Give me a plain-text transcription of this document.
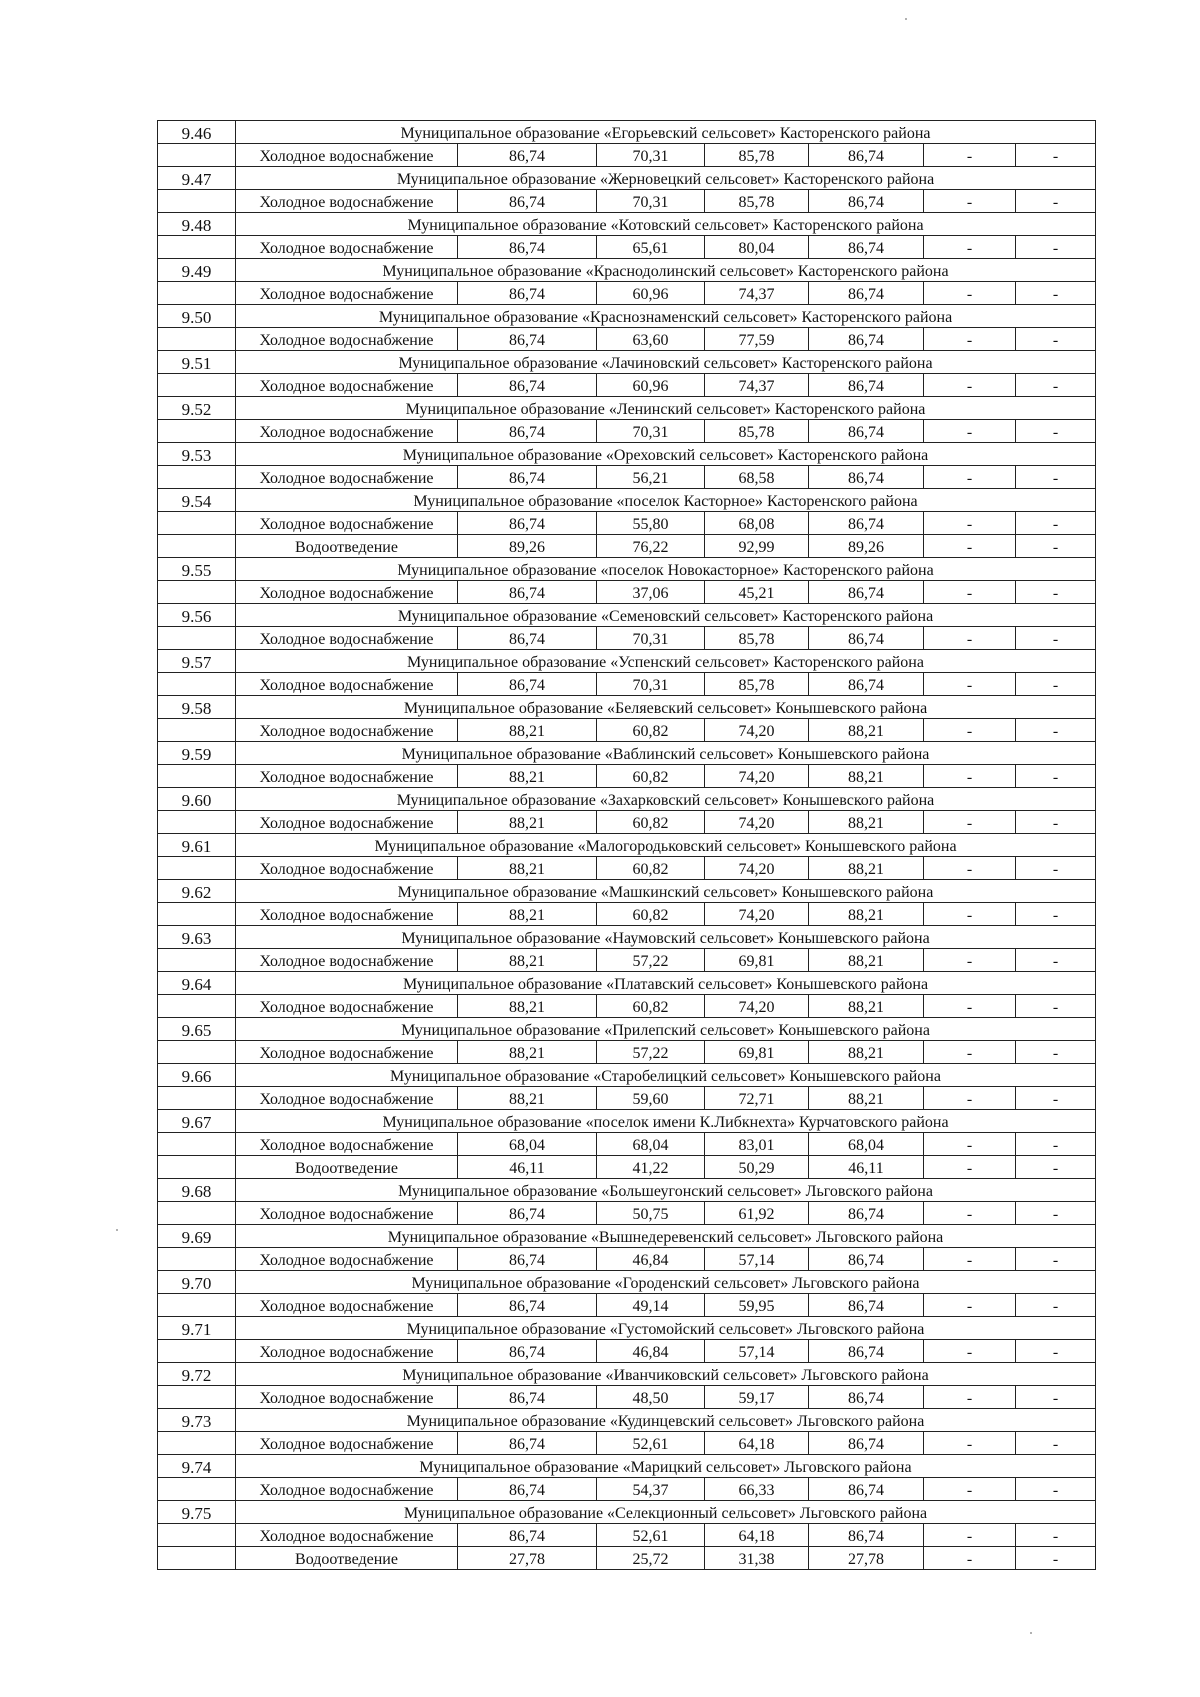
9.46	Муниципальное образование «Егорьевский сельсовет» Касторенского района						
	Холодное водоснабжение	86,74	70,31	85,78	86,74	-	-
9.47	Муниципальное образование «Жерновецкий сельсовет» Касторенского района						
	Холодное водоснабжение	86,74	70,31	85,78	86,74	-	-
9.48	Муниципальное образование «Котовский сельсовет» Касторенского района						
	Холодное водоснабжение	86,74	65,61	80,04	86,74	-	-
9.49	Муниципальное образование «Краснодолинский сельсовет» Касторенского района						
	Холодное водоснабжение	86,74	60,96	74,37	86,74	-	-
9.50	Муниципальное образование «Краснознаменский сельсовет» Касторенского района						
	Холодное водоснабжение	86,74	63,60	77,59	86,74	-	-
9.51	Муниципальное образование «Лачиновский сельсовет» Касторенского района						
	Холодное водоснабжение	86,74	60,96	74,37	86,74	-	-
9.52	Муниципальное образование «Ленинский сельсовет» Касторенского района						
	Холодное водоснабжение	86,74	70,31	85,78	86,74	-	-
9.53	Муниципальное образование «Ореховский сельсовет» Касторенского района						
	Холодное водоснабжение	86,74	56,21	68,58	86,74	-	-
9.54	Муниципальное образование «поселок Касторное» Касторенского района						
	Холодное водоснабжение	86,74	55,80	68,08	86,74	-	-
	Водоотведение	89,26	76,22	92,99	89,26	-	-
9.55	Муниципальное образование «поселок Новокасторное» Касторенского района						
	Холодное водоснабжение	86,74	37,06	45,21	86,74	-	-
9.56	Муниципальное образование «Семеновский сельсовет» Касторенского района						
	Холодное водоснабжение	86,74	70,31	85,78	86,74	-	-
9.57	Муниципальное образование «Успенский сельсовет» Касторенского района						
	Холодное водоснабжение	86,74	70,31	85,78	86,74	-	-
9.58	Муниципальное образование «Беляевский сельсовет» Конышевского района						
	Холодное водоснабжение	88,21	60,82	74,20	88,21	-	-
9.59	Муниципальное образование «Ваблинский сельсовет» Конышевского района						
	Холодное водоснабжение	88,21	60,82	74,20	88,21	-	-
9.60	Муниципальное образование «Захарковский сельсовет» Конышевского района						
	Холодное водоснабжение	88,21	60,82	74,20	88,21	-	-
9.61	Муниципальное образование «Малогородьковский сельсовет» Конышевского района						
	Холодное водоснабжение	88,21	60,82	74,20	88,21	-	-
9.62	Муниципальное образование «Машкинский сельсовет» Конышевского района						
	Холодное водоснабжение	88,21	60,82	74,20	88,21	-	-
9.63	Муниципальное образование «Наумовский сельсовет» Конышевского района						
	Холодное водоснабжение	88,21	57,22	69,81	88,21	-	-
9.64	Муниципальное образование «Платавский сельсовет» Конышевского района						
	Холодное водоснабжение	88,21	60,82	74,20	88,21	-	-
9.65	Муниципальное образование «Прилепский сельсовет» Конышевского района						
	Холодное водоснабжение	88,21	57,22	69,81	88,21	-	-
9.66	Муниципальное образование «Старобелицкий сельсовет» Конышевского района						
	Холодное водоснабжение	88,21	59,60	72,71	88,21	-	-
9.67	Муниципальное образование «поселок имени К.Либкнехта» Курчатовского района						
	Холодное водоснабжение	68,04	68,04	83,01	68,04	-	-
	Водоотведение	46,11	41,22	50,29	46,11	-	-
9.68	Муниципальное образование «Большеугонский сельсовет» Льговского района						
	Холодное водоснабжение	86,74	50,75	61,92	86,74	-	-
9.69	Муниципальное образование «Вышнедеревенский сельсовет» Льговского района						
	Холодное водоснабжение	86,74	46,84	57,14	86,74	-	-
9.70	Муниципальное образование «Городенский сельсовет» Льговского района						
	Холодное водоснабжение	86,74	49,14	59,95	86,74	-	-
9.71	Муниципальное образование «Густомойский сельсовет» Льговского района						
	Холодное водоснабжение	86,74	46,84	57,14	86,74	-	-
9.72	Муниципальное образование «Иванчиковский сельсовет» Льговского района						
	Холодное водоснабжение	86,74	48,50	59,17	86,74	-	-
9.73	Муниципальное образование «Кудинцевский сельсовет» Льговского района						
	Холодное водоснабжение	86,74	52,61	64,18	86,74	-	-
9.74	Муниципальное образование «Марицкий сельсовет» Льговского района						
	Холодное водоснабжение	86,74	54,37	66,33	86,74	-	-
9.75	Муниципальное образование «Селекционный сельсовет» Льговского района						
	Холодное водоснабжение	86,74	52,61	64,18	86,74	-	-
	Водоотведение	27,78	25,72	31,38	27,78	-	-
